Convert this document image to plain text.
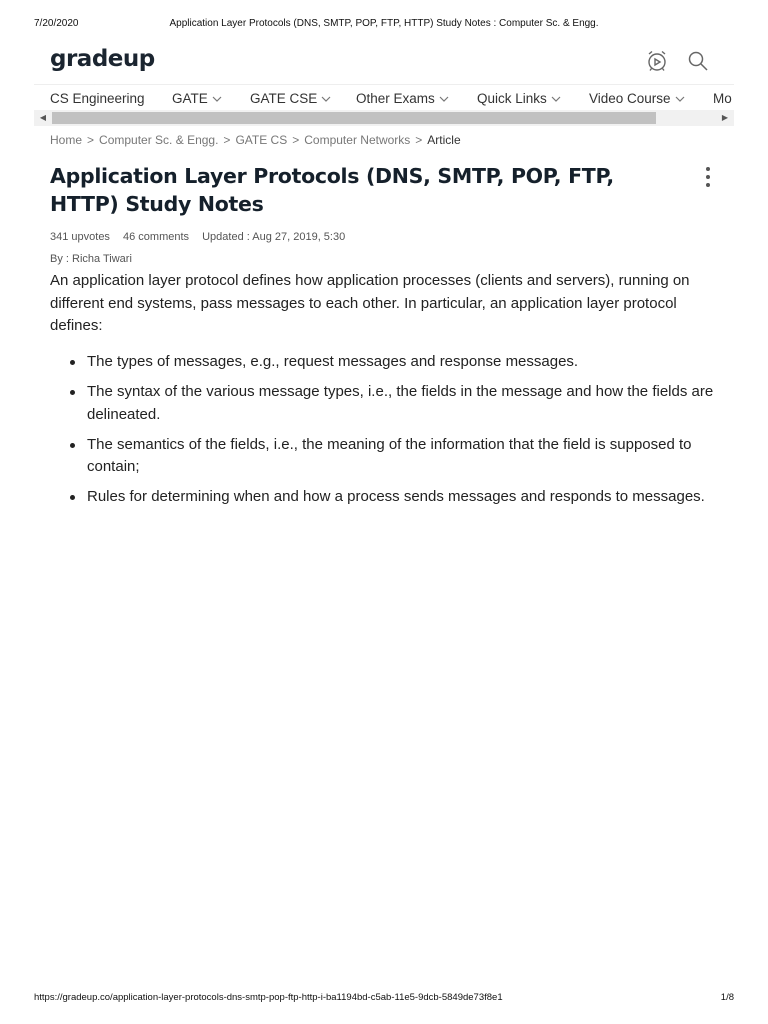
7/20/2020	Application Layer Protocols (DNS, SMTP, POP, FTP, HTTP) Study Notes : Computer Sc. & Engg.
gradeup
CS Engineering GATE	GATE CSE	Other Exams	Quick Links	Video Course	Mo
◀	▶
Home > Computer Sc. & Engg. > GATE CS > Computer Networks > Article
Application Layer Protocols (DNS, SMTP, POP, FTP, HTTP) Study Notes
341 upvotes 46 comments Updated : Aug 27, 2019, 5:30
By : Richa Tiwari

An application layer protocol defines how application processes (clients and servers), running on different end systems, pass messages to each other. In particular, an application layer protocol defines:

The types of messages, e.g., request messages and response messages.
The syntax of the various message types, i.e., the fields in the message and how the fields are delineated.
The semantics of the fields, i.e., the meaning of the information that the field is supposed to contain;
Rules for determining when and how a process sends messages and responds to messages.
https://gradeup.co/application-layer-protocols-dns-smtp-pop-ftp-http-i-ba1194bd-c5ab-11e5-9dcb-5849de73f8e1	1/8
